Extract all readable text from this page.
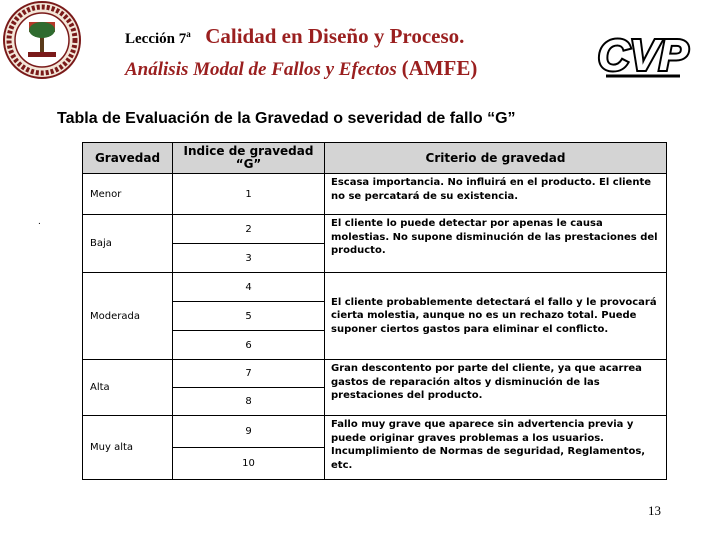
Lección 7$^a$ Calidad en Diseño y Proceso.
Análisis Modal de Fallos y Efectos (AMFE)	CVP
Tabla de Evaluación de la Gravedad o severidad de fallo “G”
.
Gravedad	Indice de gravedad “G”	Criterio de gravedad
Menor	1	Escasa importancia. No influirá en el producto. El cliente no se percatará de su existencia.
Baja	2	El cliente lo puede detectar por apenas le causa molestias. No supone disminución de las prestaciones del producto.
	3	
Moderada	4	El cliente probablemente detectará el fallo y le provocará cierta molestia, aunque no es un rechazo total. Puede suponer ciertos gastos para eliminar el conflicto.
	5	
	6	
Alta	7	Gran descontento por parte del cliente, ya que acarrea gastos de reparación altos y disminución de las prestaciones del producto.
	8	
Muy alta	9	Fallo muy grave que aparece sin advertencia previa y puede originar graves problemas a los usuarios. Incumplimiento de Normas de seguridad, Reglamentos, etc.
	10	
13
